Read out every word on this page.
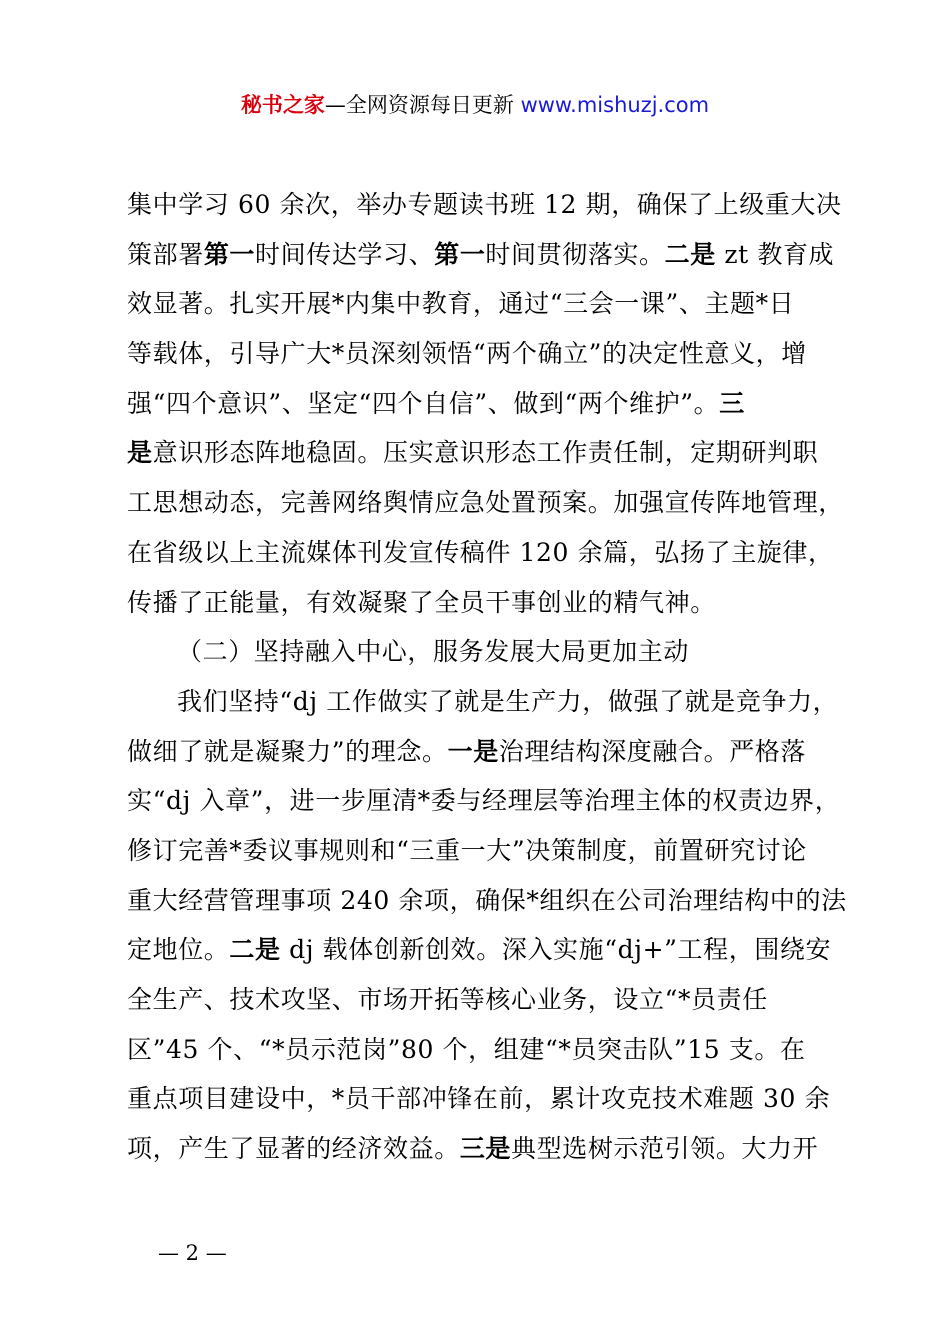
秘书之家—全网资源每日更新 www.mishuzj.com
集中学习 60 余次，举办专题读书班 12 期，确保了上级重大决
策部署第一时间传达学习、第一时间贯彻落实。二是 zt 教育成
效显著。扎实开展*内集中教育，通过“三会一课”、主题*日
等载体，引导广大*员深刻领悟“两个确立”的决定性意义，增
强“四个意识”、坚定“四个自信”、做到“两个维护”。三
是意识形态阵地稳固。压实意识形态工作责任制，定期研判职
工思想动态，完善网络舆情应急处置预案。加强宣传阵地管理，
在省级以上主流媒体刊发宣传稿件 120 余篇，弘扬了主旋律，
传播了正能量，有效凝聚了全员干事创业的精气神。
（二）坚持融入中心，服务发展大局更加主动
我们坚持“dj 工作做实了就是生产力，做强了就是竞争力，
做细了就是凝聚力”的理念。一是治理结构深度融合。严格落
实“dj 入章”，进一步厘清*委与经理层等治理主体的权责边界，
修订完善*委议事规则和“三重一大”决策制度，前置研究讨论
重大经营管理事项 240 余项，确保*组织在公司治理结构中的法
定地位。二是 dj 载体创新创效。深入实施“dj+”工程，围绕安
全生产、技术攻坚、市场开拓等核心业务，设立“*员责任
区”45 个、“*员示范岗”80 个，组建“*员突击队”15 支。在
重点项目建设中，*员干部冲锋在前，累计攻克技术难题 30 余
项，产生了显著的经济效益。三是典型选树示范引领。大力开
— 2 —
